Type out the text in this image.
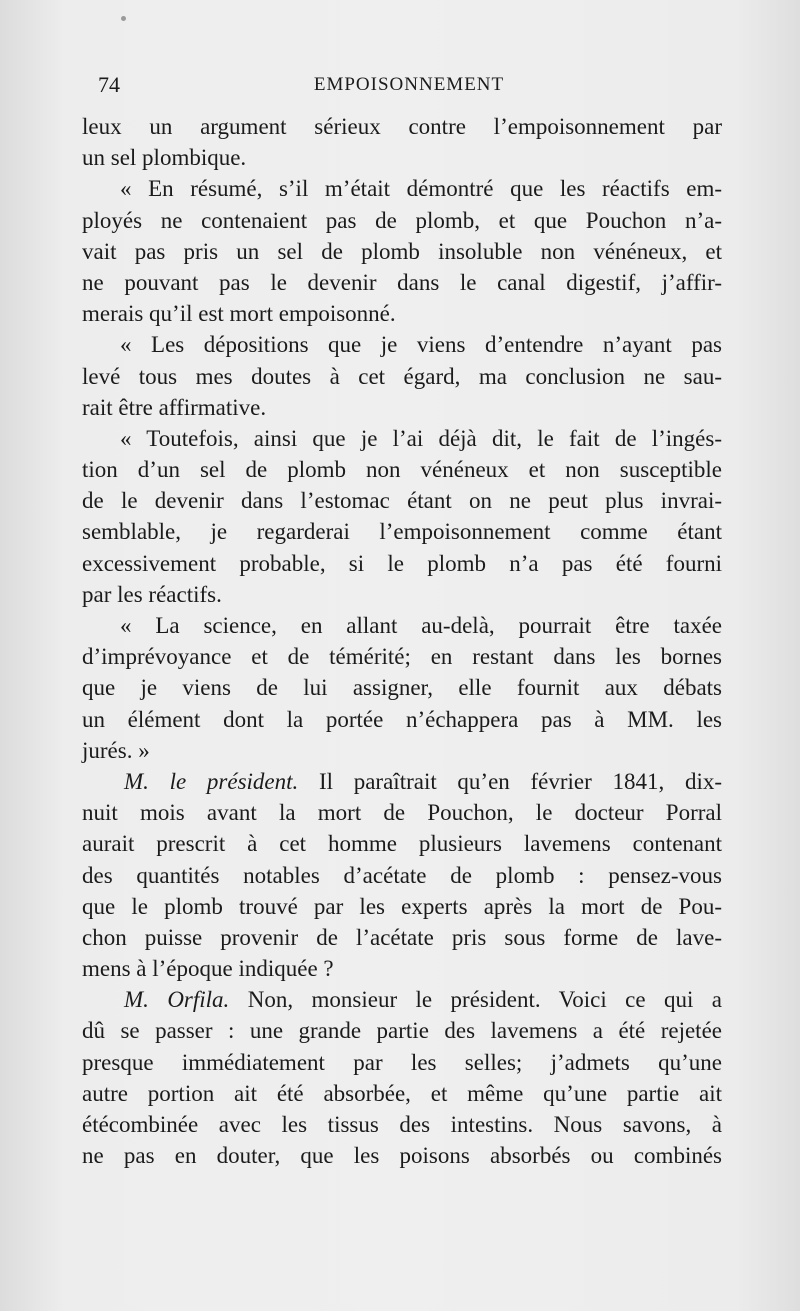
74	EMPOISONNEMENT
leux un argument sérieux contre l’empoisonnement par
un sel plombique.
« En résumé, s’il m’était démontré que les réactifs em-
ployés ne contenaient pas de plomb, et que Pouchon n’a-
vait pas pris un sel de plomb insoluble non vénéneux, et
ne pouvant pas le devenir dans le canal digestif, j’affir-
merais qu’il est mort empoisonné.
« Les dépositions que je viens d’entendre n’ayant pas
levé tous mes doutes à cet égard, ma conclusion ne sau-
rait être affirmative.
« Toutefois, ainsi que je l’ai déjà dit, le fait de l’ingés-
tion d’un sel de plomb non vénéneux et non susceptible
de le devenir dans l’estomac étant on ne peut plus invrai-
semblable, je regarderai l’empoisonnement comme étant
excessivement probable, si le plomb n’a pas été fourni
par les réactifs.
« La science, en allant au-delà, pourrait être taxée
d’imprévoyance et de témérité; en restant dans les bornes
que je viens de lui assigner, elle fournit aux débats
un élément dont la portée n’échappera pas à MM. les
jurés. »
M. le président. Il paraîtrait qu’en février 1841, dix-
nuit mois avant la mort de Pouchon, le docteur Porral
aurait prescrit à cet homme plusieurs lavemens contenant
des quantités notables d’acétate de plomb : pensez-vous
que le plomb trouvé par les experts après la mort de Pou-
chon puisse provenir de l’acétate pris sous forme de lave-
mens à l’époque indiquée ?
M. Orfila. Non, monsieur le président. Voici ce qui a
dû se passer : une grande partie des lavemens a été rejetée
presque immédiatement par les selles; j’admets qu’une
autre portion ait été absorbée, et même qu’une partie ait
étécombinée avec les tissus des intestins. Nous savons, à
ne pas en douter, que les poisons absorbés ou combinés
